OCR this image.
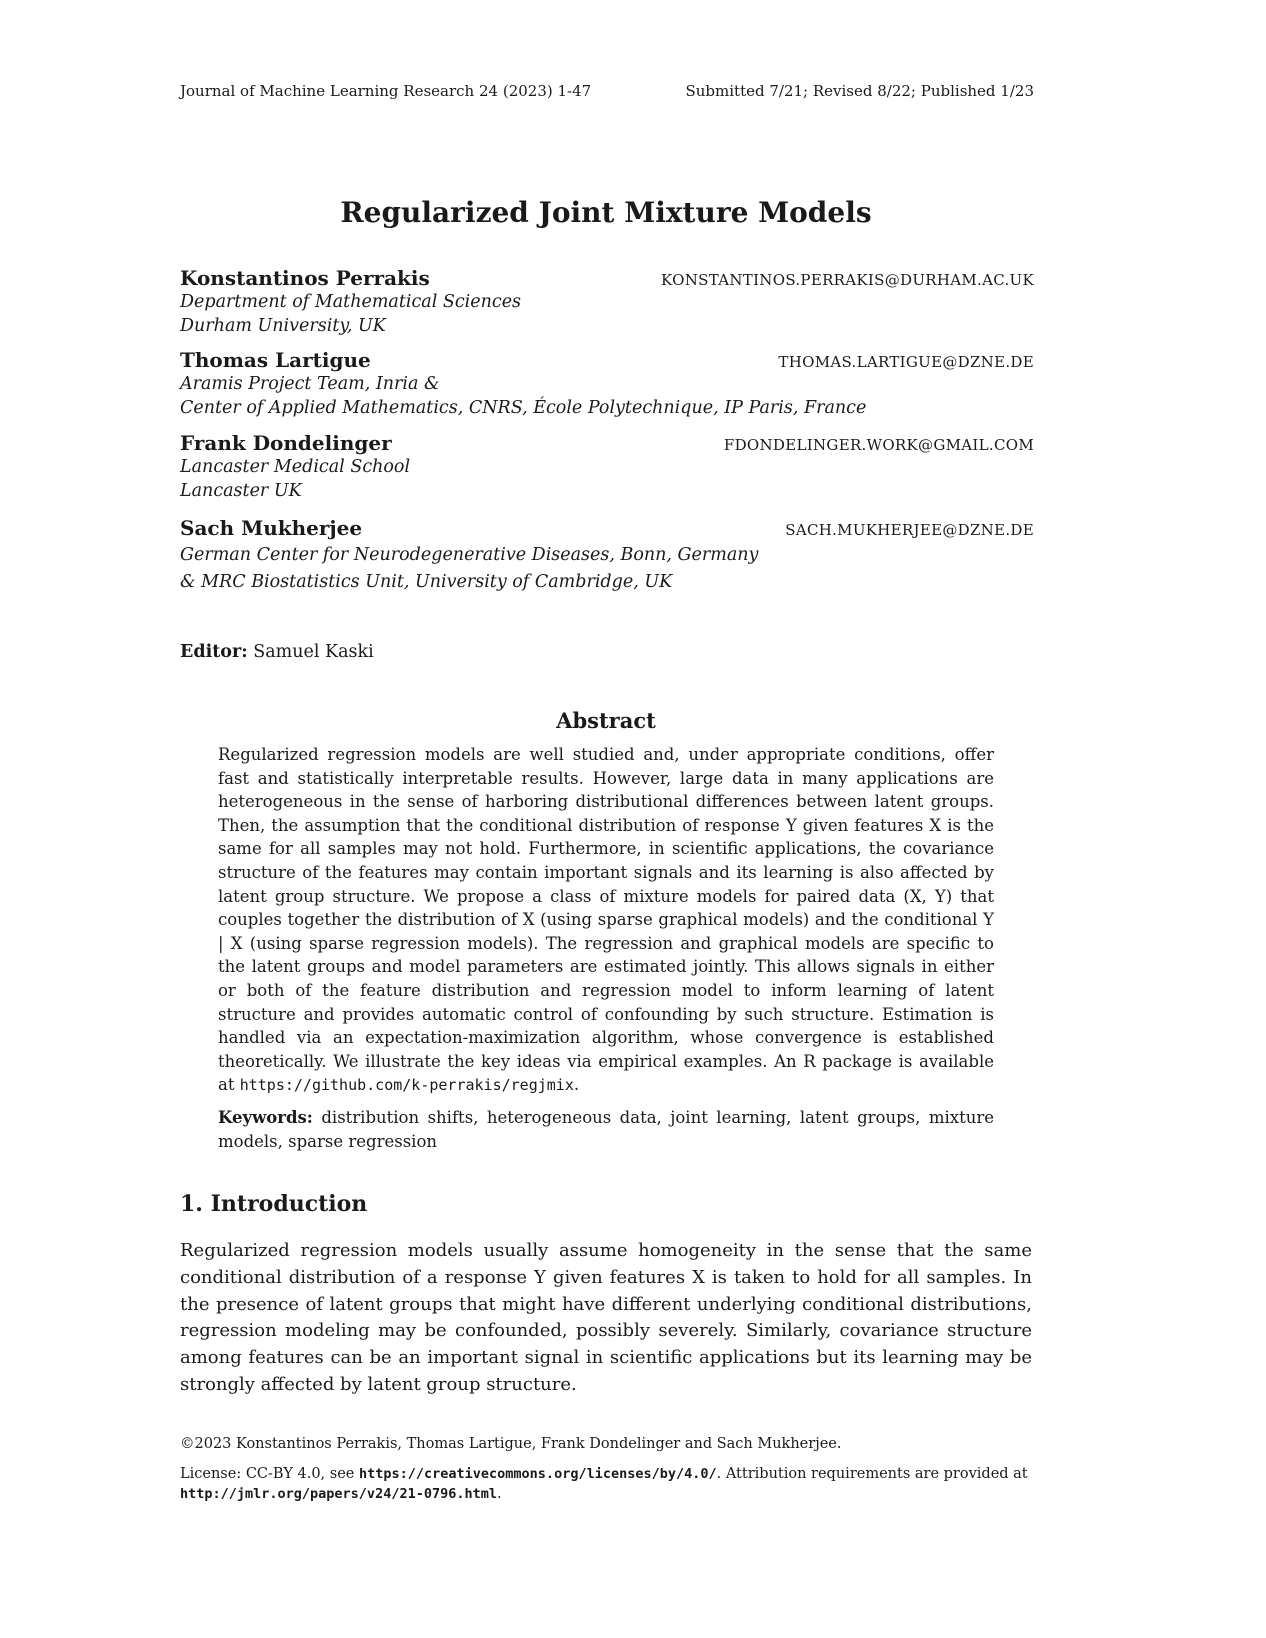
Journal of Machine Learning Research 24 (2023) 1-47	Submitted 7/21; Revised 8/22; Published 1/23
Regularized Joint Mixture Models
Konstantinos Perrakis	KONSTANTINOS.PERRAKIS@DURHAM.AC.UK
Department of Mathematical Sciences
Durham University, UK
Thomas Lartigue	THOMAS.LARTIGUE@DZNE.DE
Aramis Project Team, Inria &
Center of Applied Mathematics, CNRS, École Polytechnique, IP Paris, France
Frank Dondelinger	FDONDELINGER.WORK@GMAIL.COM
Lancaster Medical School
Lancaster UK
Sach Mukherjee	SACH.MUKHERJEE@DZNE.DE
German Center for Neurodegenerative Diseases, Bonn, Germany
& MRC Biostatistics Unit, University of Cambridge, UK
Editor: Samuel Kaski
Abstract
Regularized regression models are well studied and, under appropriate conditions, offer fast and statistically interpretable results. However, large data in many applications are heterogeneous in the sense of harboring distributional differences between latent groups. Then, the assumption that the conditional distribution of response Y given features X is the same for all samples may not hold. Furthermore, in scientific applications, the covariance structure of the features may contain important signals and its learning is also affected by latent group structure. We propose a class of mixture models for paired data (X, Y) that couples together the distribution of X (using sparse graphical models) and the conditional Y | X (using sparse regression models). The regression and graphical models are specific to the latent groups and model parameters are estimated jointly. This allows signals in either or both of the feature distribution and regression model to inform learning of latent structure and provides automatic control of confounding by such structure. Estimation is handled via an expectation-maximization algorithm, whose convergence is established theoretically. We illustrate the key ideas via empirical examples. An R package is available at https://github.com/k-perrakis/regjmix.
Keywords: distribution shifts, heterogeneous data, joint learning, latent groups, mixture models, sparse regression
1. Introduction
Regularized regression models usually assume homogeneity in the sense that the same conditional distribution of a response Y given features X is taken to hold for all samples. In the presence of latent groups that might have different underlying conditional distributions, regression modeling may be confounded, possibly severely. Similarly, covariance structure among features can be an important signal in scientific applications but its learning may be strongly affected by latent group structure.
©2023 Konstantinos Perrakis, Thomas Lartigue, Frank Dondelinger and Sach Mukherjee.
License: CC-BY 4.0, see https://creativecommons.org/licenses/by/4.0/. Attribution requirements are provided at http://jmlr.org/papers/v24/21-0796.html.
